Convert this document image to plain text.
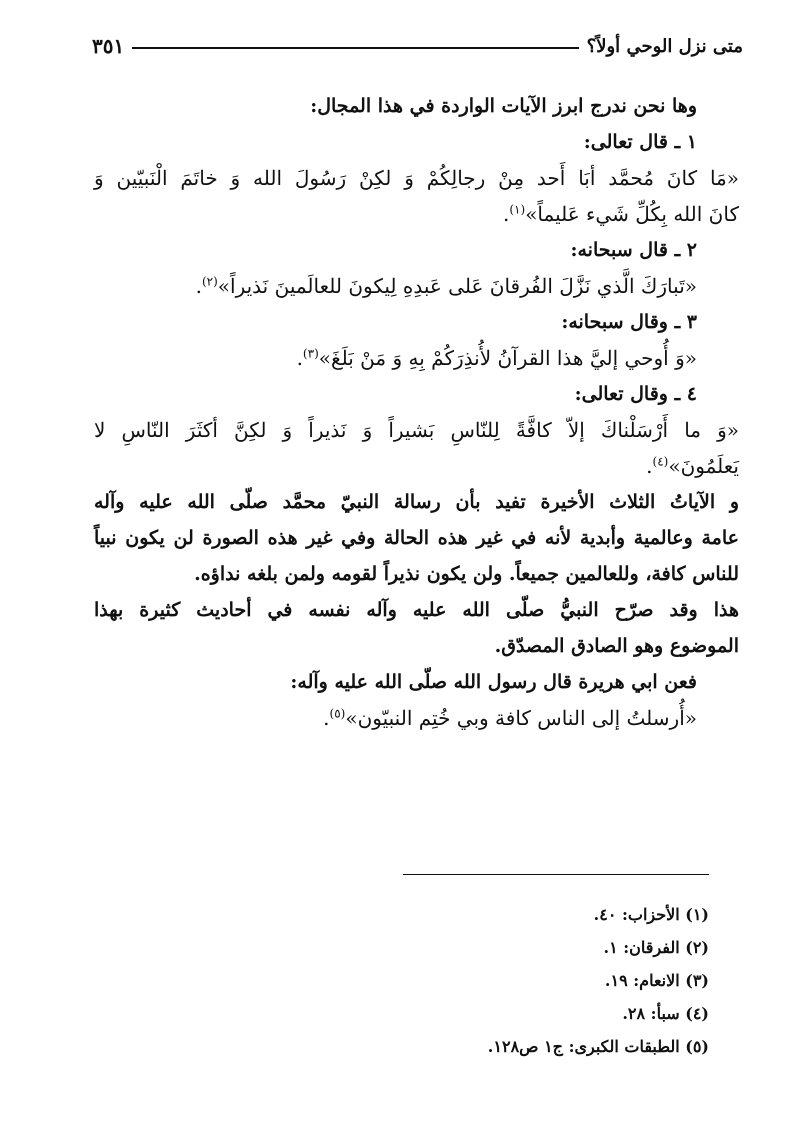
متى نزل الوحي أولاً؟
٣٥١
وها نحن ندرج ابرز الآيات الواردة في هذا المجال:
١ ـ قال تعالى:
«مَا كانَ مُحمَّد أبَا أَحد مِنْ رجالِكُمْ وَ لكِنْ رَسُولَ الله وَ خاتَمَ الْنَبيّين وَ
كانَ الله بِكُلِّ شَيء عَليماً»$^{(١)}$.
٢ ـ قال سبحانه:
«تَبارَكَ الَّذي نَزَّلَ الفُرقانَ عَلى عَبدِهِ لِيكونَ للعالَمينَ نَذيراً»$^{(٢)}$.
٣ ـ وقال سبحانه:
«وَ أُوحي إليَّ هذا القرآنُ لأُنذِرَكُمْ بِهِ وَ مَنْ بَلَغَ»$^{(٣)}$.
٤ ـ وقال تعالى:
«وَ ما أَرْسَلْناكَ إلاّ كافَّةً لِلنّاسِ بَشيراً وَ نَذيراً وَ لكِنَّ أكثَرَ النّاسِ لا
يَعلَمُونَ»$^{(٤)}$.
و الآياتُ الثلاث الأخيرة تفيد بأن رسالة النبيّ محمَّد صلّى الله عليه وآله
عامة وعالمية وأبدية لأنه في غير هذه الحالة وفي غير هذه الصورة لن يكون نبياً
للناس كافة، وللعالمين جميعاً. ولن يكون نذيراً لقومه ولمن بلغه نداؤه.
هذا وقد صرّح النبيُّ صلّى الله عليه وآله نفسه في أحاديث كثيرة بهذا
الموضوع وهو الصادق المصدّق.
فعن ابي هريرة قال رسول الله صلّى الله عليه وآله:
«أُرسلتُ إلى الناس كافة وبي خُتِم النبيّون»$^{(٥)}$.
(١) الأحزاب: ٤٠.
(٢) الفرقان: ١.
(٣) الانعام: ١٩.
(٤) سبأ: ٢٨.
(٥) الطبقات الكبرى: ج١ ص١٢٨.
